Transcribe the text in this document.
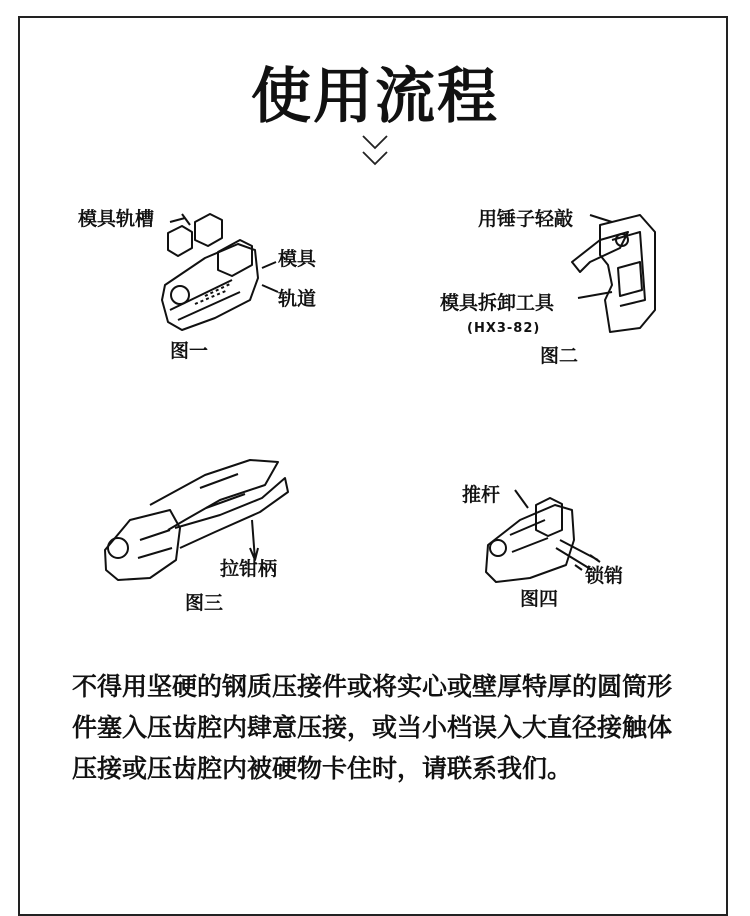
使用流程
模具轨槽
模具
轨道
图一
用锤子轻敲
模具拆卸工具
(HX3-82)
图二
拉钳柄
图三
推杆
锁销
图四
不得用坚硬的钢质压接件或将实心或壁厚特厚的圆筒形件塞入压齿腔内肆意压接，或当小档误入大直径接触体压接或压齿腔内被硬物卡住时，请联系我们。
